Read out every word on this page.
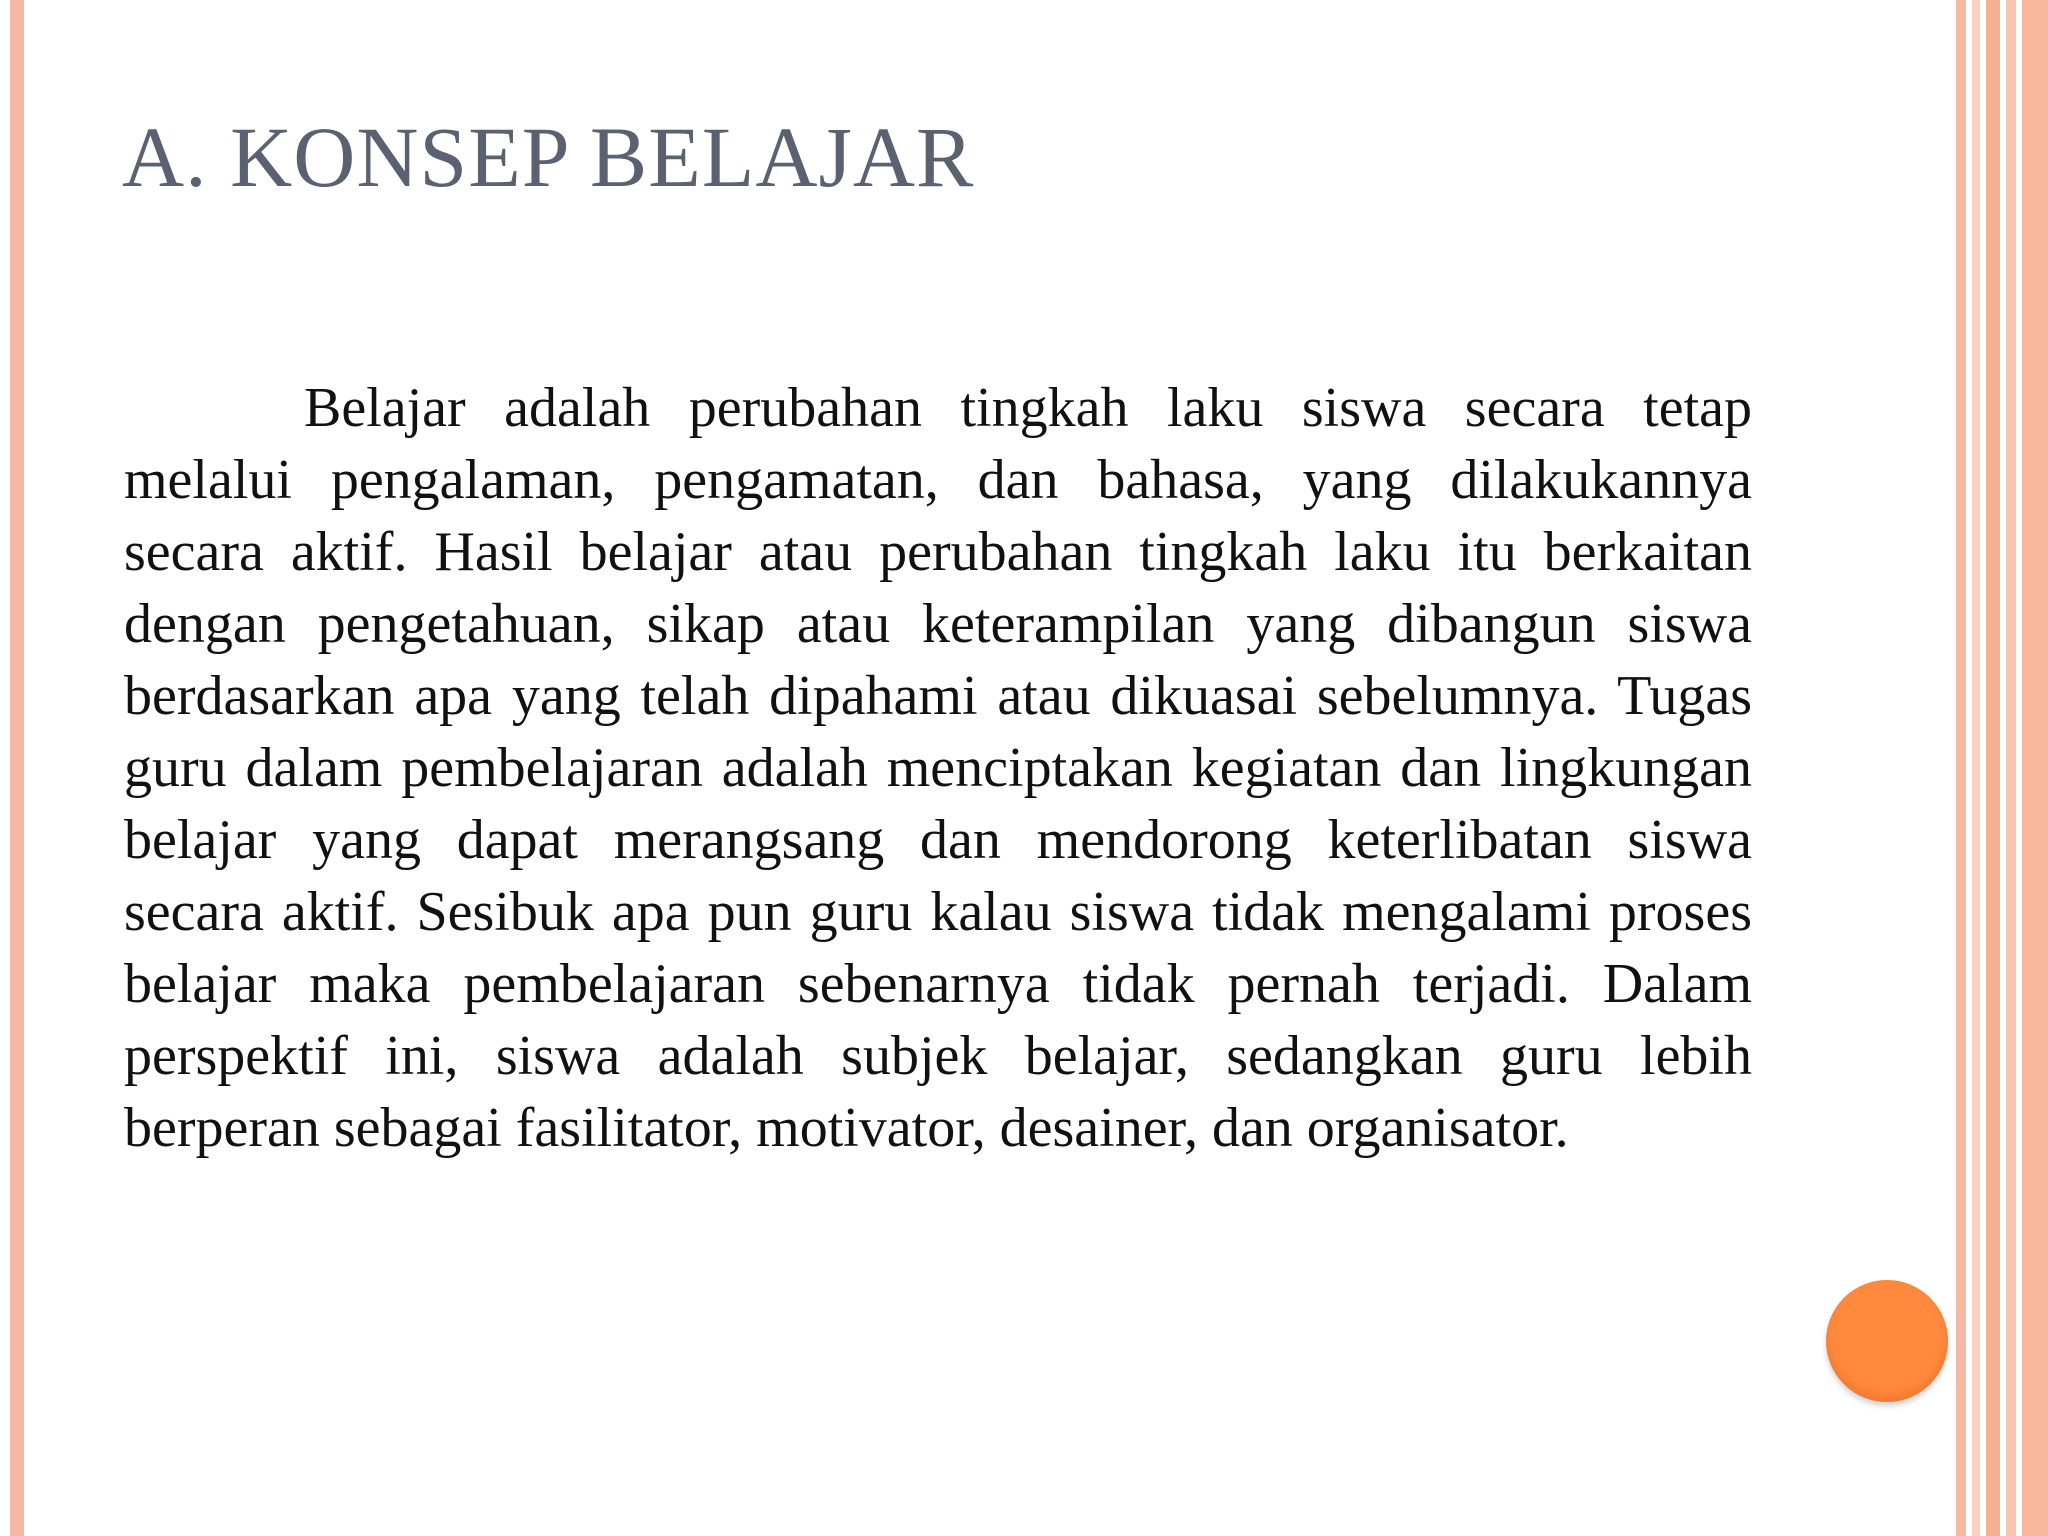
A. KONSEP BELAJAR

Belajar adalah perubahan tingkah laku siswa secara tetap melalui pengalaman, pengamatan, dan bahasa, yang dilakukannya secara aktif. Hasil belajar atau perubahan tingkah laku itu berkaitan dengan pengetahuan, sikap atau keterampilan yang dibangun siswa berdasarkan apa yang telah dipahami atau dikuasai sebelumnya. Tugas guru dalam pembelajaran adalah menciptakan kegiatan dan lingkungan belajar yang dapat merangsang dan mendorong keterlibatan siswa secara aktif. Sesibuk apa pun guru kalau siswa tidak mengalami proses belajar maka pembelajaran sebenarnya tidak pernah terjadi. Dalam perspektif ini, siswa adalah subjek belajar, sedangkan guru lebih berperan sebagai fasilitator, motivator, desainer, dan organisator.
